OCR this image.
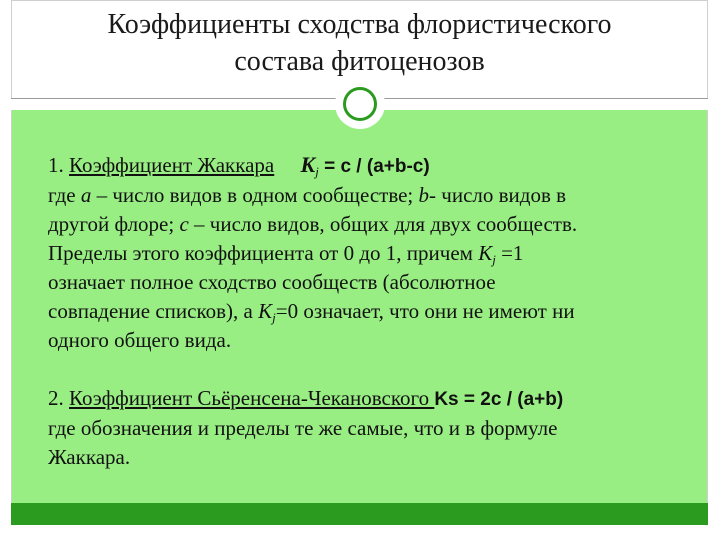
Коэффициенты сходства флористического
состава фитоценозов

1. Коэффициент Жаккара $K_j = c / (a+b-c)$

где a – число видов в одном сообществе; b- число видов в

другой флоре; c – число видов, общих для двух сообществ.

Пределы этого коэффициента от 0 до 1, причем $K_j =1$

означает полное сходство сообществ (абсолютное

совпадение списков), а $K_j=0$ означает, что они не имеют ни

одного общего вида.

2. Коэффициент Сьёренсена-Чекановского Ks = 2c / (a+b)

где обозначения и пределы те же самые, что и в формуле

Жаккара.
